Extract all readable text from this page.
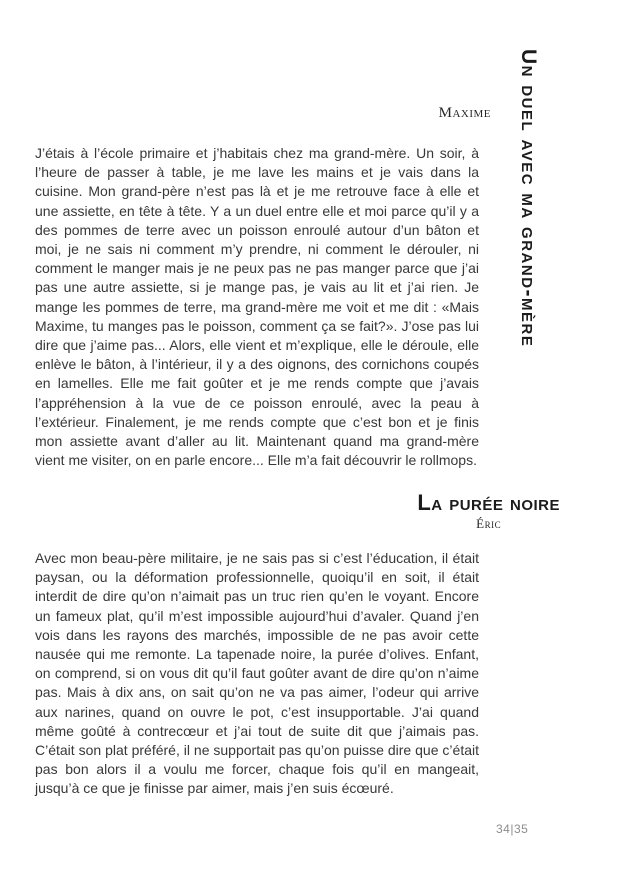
Un duel avec ma grand-mère
Maxime

J’étais à l’école primaire et j’habitais chez ma grand-mère. Un soir, à l’heure de passer à table, je me lave les mains et je vais dans la cuisine. Mon grand-père n’est pas là et je me retrouve face à elle et une assiette, en tête à tête. Y a un duel entre elle et moi parce qu’il y a des pommes de terre avec un poisson enroulé autour d’un bâton et moi, je ne sais ni comment m’y prendre, ni comment le dérouler, ni comment le manger mais je ne peux pas ne pas manger parce que j’ai pas une autre assiette, si je mange pas, je vais au lit et j’ai rien. Je mange les pommes de terre, ma grand-mère me voit et me dit : «Mais Maxime, tu manges pas le poisson, comment ça se fait?». J’ose pas lui dire que j’aime pas... Alors, elle vient et m’explique, elle le déroule, elle enlève le bâton, à l’intérieur, il y a des oignons, des cornichons coupés en lamelles. Elle me fait goûter et je me rends compte que j’avais l’appréhension à la vue de ce poisson enroulé, avec la peau à l’extérieur. Finalement, je me rends compte que c’est bon et je finis mon assiette avant d’aller au lit. Maintenant quand ma grand-mère vient me visiter, on en parle encore... Elle m’a fait découvrir le rollmops.

La purée noire
Éric

Avec mon beau-père militaire, je ne sais pas si c’est l’éducation, il était paysan, ou la déformation professionnelle, quoiqu’il en soit, il était interdit de dire qu’on n’aimait pas un truc rien qu’en le voyant. Encore un fameux plat, qu’il m’est impossible aujourd’hui d’avaler. Quand j’en vois dans les rayons des marchés, impossible de ne pas avoir cette nausée qui me remonte. La tapenade noire, la purée d’olives. Enfant, on comprend, si on vous dit qu’il faut goûter avant de dire qu’on n’aime pas. Mais à dix ans, on sait qu’on ne va pas aimer, l’odeur qui arrive aux narines, quand on ouvre le pot, c’est insupportable. J’ai quand même goûté à contrecœur et j’ai tout de suite dit que j’aimais pas. C’était son plat préféré, il ne supportait pas qu’on puisse dire que c’était pas bon alors il a voulu me forcer, chaque fois qu’il en mangeait, jusqu’à ce que je finisse par aimer, mais j’en suis écœuré.

34|35
